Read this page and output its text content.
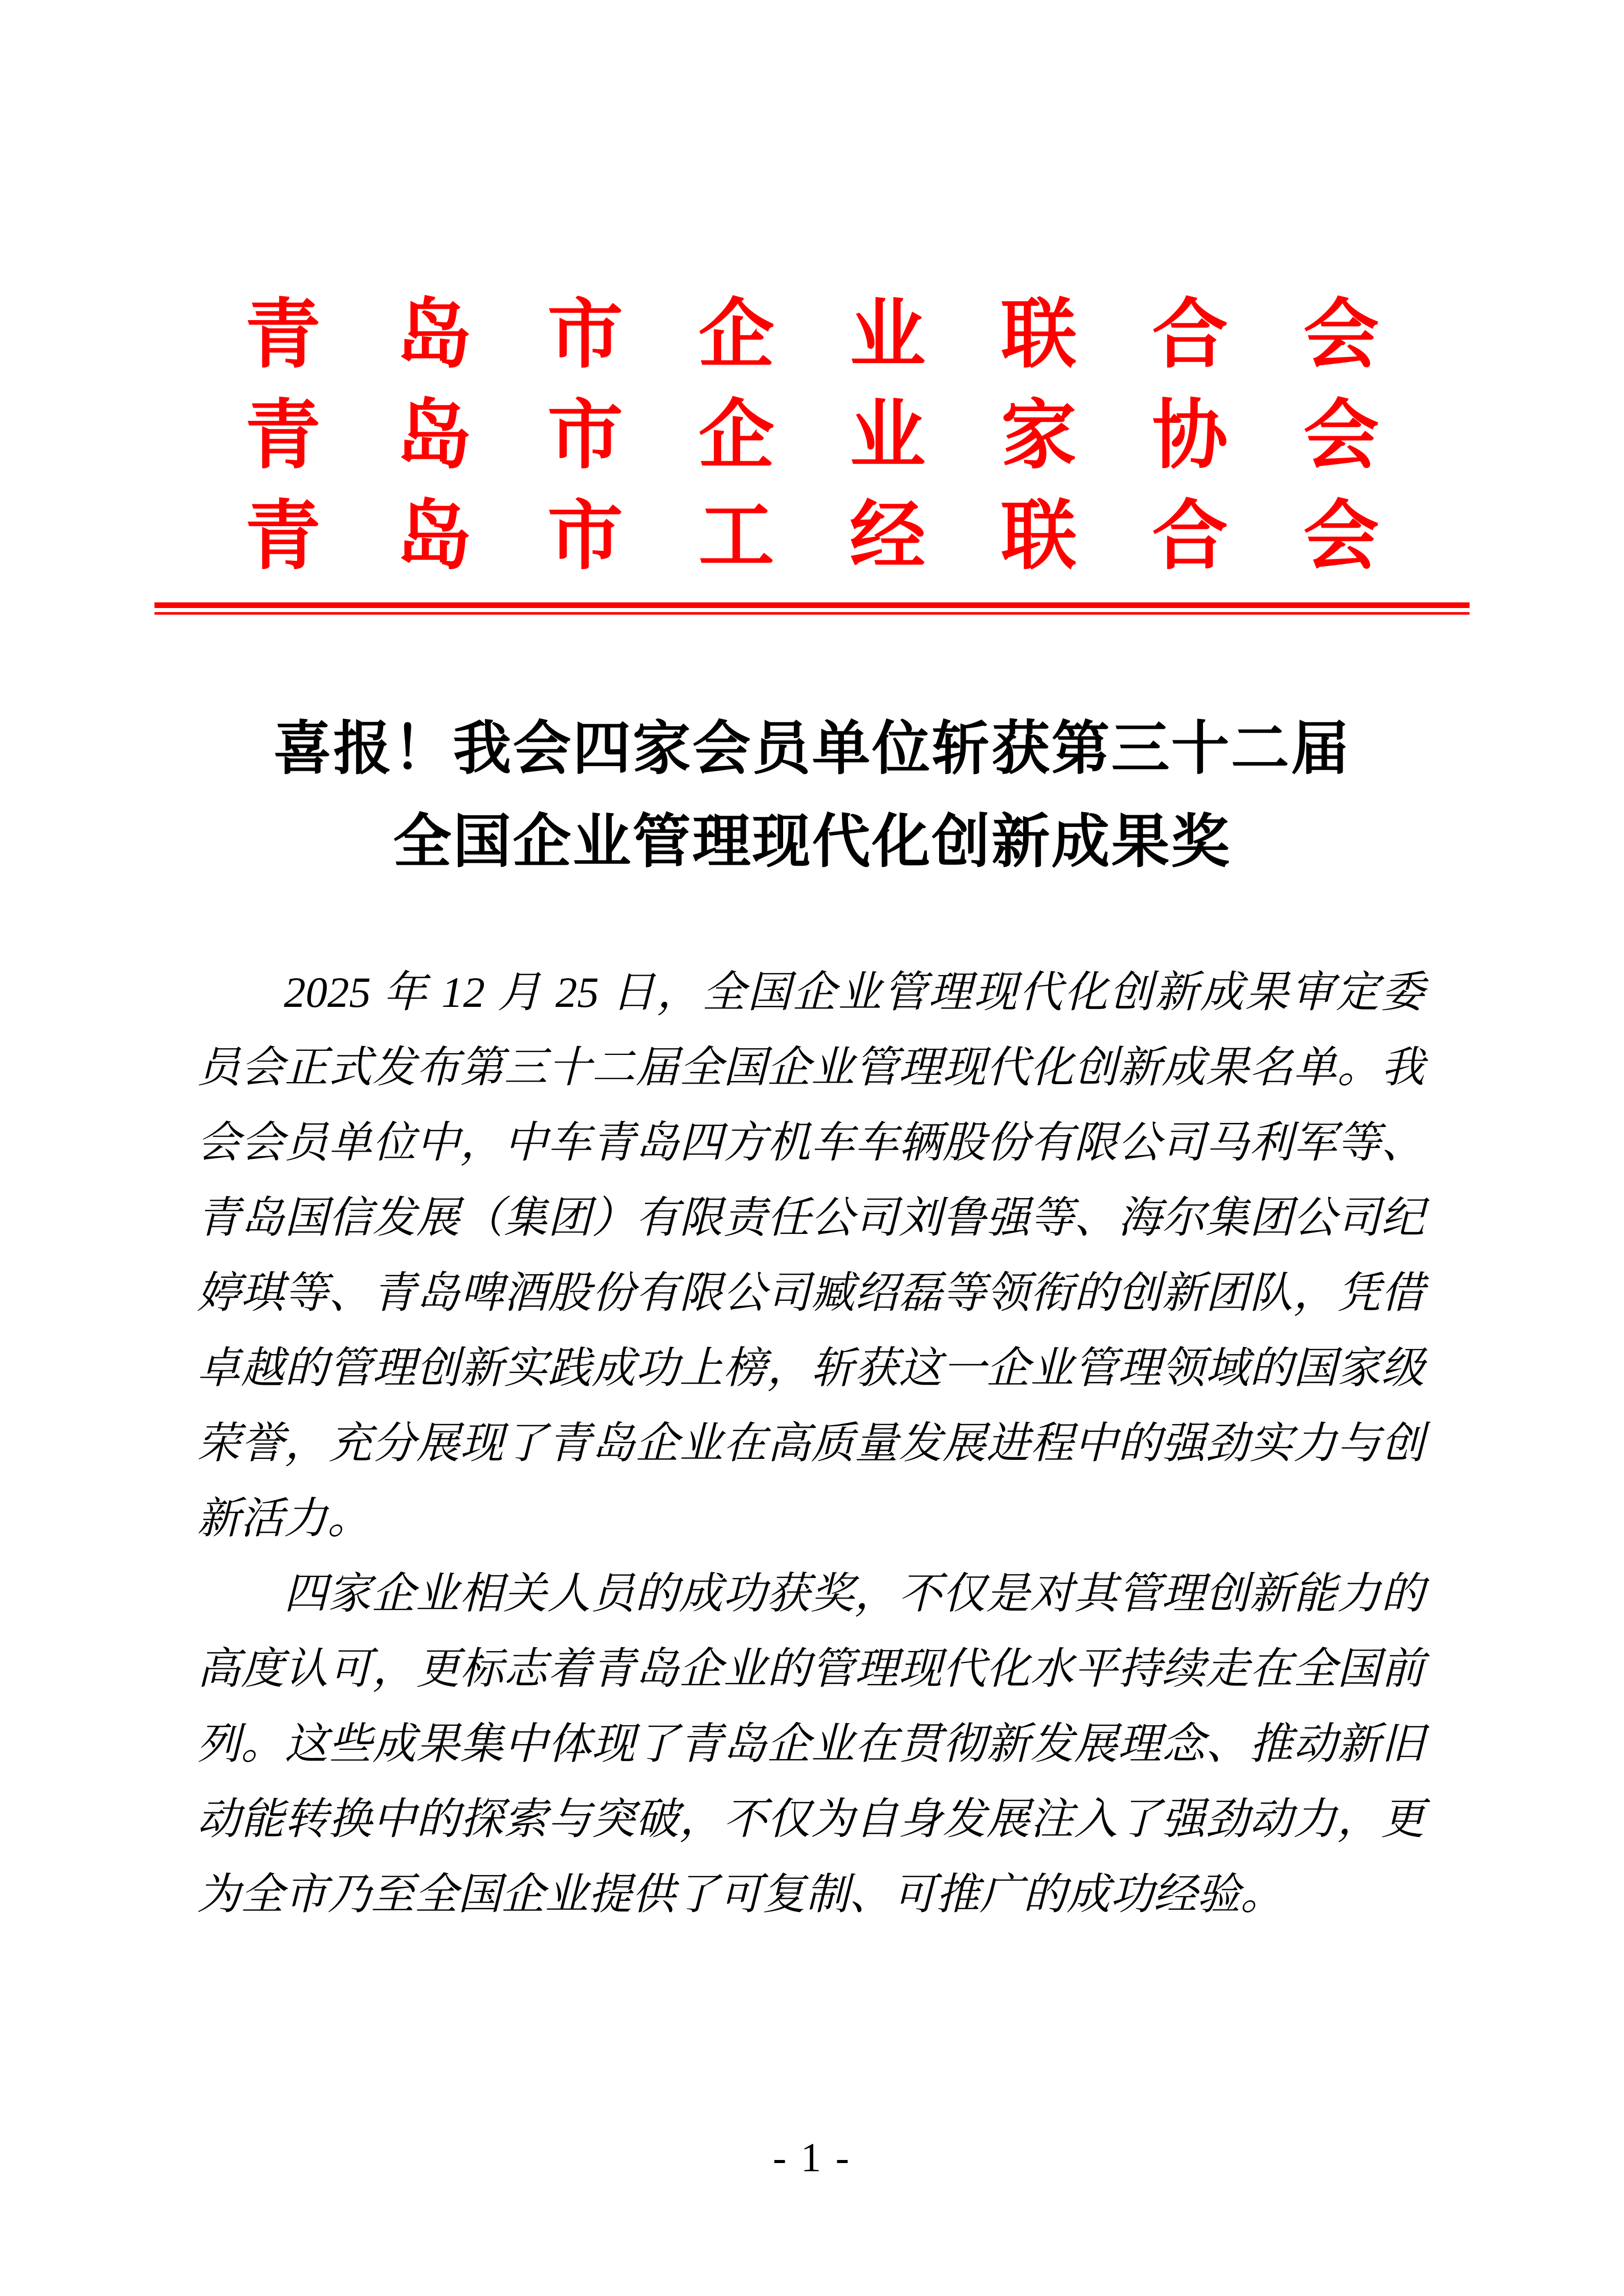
青岛市企业联合会
青岛市企业家协会
青岛市工经联合会
喜报！我会四家会员单位斩获第三十二届
全国企业管理现代化创新成果奖

2025 年 12 月 25 日，全国企业管理现代化创新成果审定委员会正式发布第三十二届全国企业管理现代化创新成果名单。我会会员单位中，中车青岛四方机车车辆股份有限公司马利军等、青岛国信发展（集团）有限责任公司刘鲁强等、海尔集团公司纪婷琪等、青岛啤酒股份有限公司臧绍磊等领衔的创新团队，凭借卓越的管理创新实践成功上榜，斩获这一企业管理领域的国家级荣誉，充分展现了青岛企业在高质量发展进程中的强劲实力与创新活力。

四家企业相关人员的成功获奖，不仅是对其管理创新能力的高度认可，更标志着青岛企业的管理现代化水平持续走在全国前列。这些成果集中体现了青岛企业在贯彻新发展理念、推动新旧动能转换中的探索与突破，不仅为自身发展注入了强劲动力，更为全市乃至全国企业提供了可复制、可推广的成功经验。

- 1 -
